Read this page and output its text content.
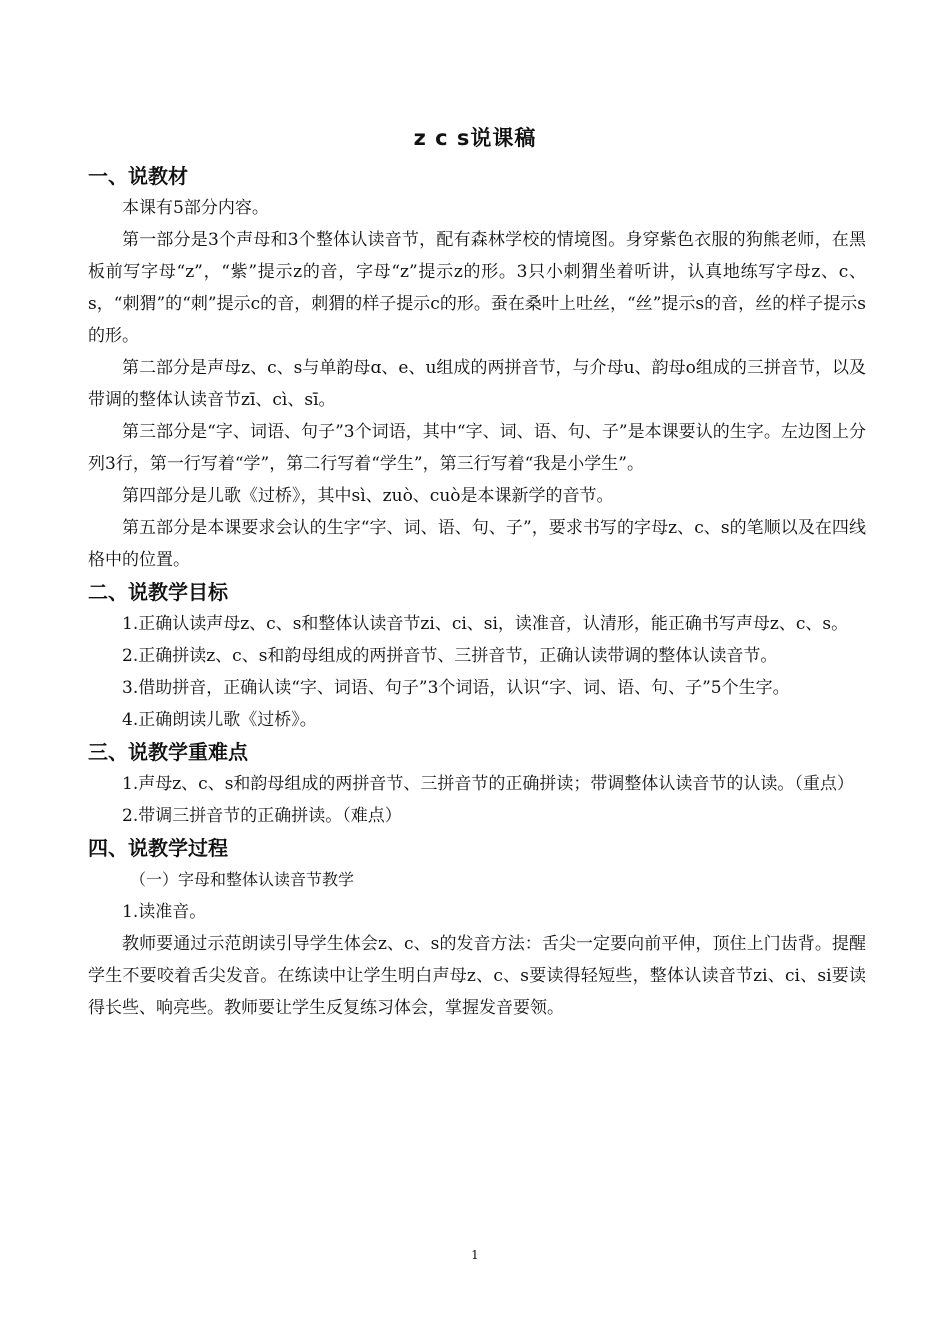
z c s说课稿
一、说教材

本课有5部分内容。

第一部分是3个声母和3个整体认读音节，配有森林学校的情境图。身穿紫色衣服的狗熊老师，在黑板前写字母“z”，“紫”提示z的音，字母“z”提示z的形。3只小刺猬坐着听讲，认真地练写字母z、c、s，“刺猬”的“刺”提示c的音，刺猬的样子提示c的形。蚕在桑叶上吐丝，“丝”提示s的音，丝的样子提示s的形。

第二部分是声母z、c、s与单韵母ɑ、e、u组成的两拼音节，与介母u、韵母o组成的三拼音节，以及带调的整体认读音节zī、cì、sī。

第三部分是“字、词语、句子”3个词语，其中“字、词、语、句、子”是本课要认的生字。左边图上分列3行，第一行写着“学”，第二行写着“学生”，第三行写着“我是小学生”。

第四部分是儿歌《过桥》，其中sì、zuò、cuò是本课新学的音节。

第五部分是本课要求会认的生字“字、词、语、句、子”，要求书写的字母z、c、s的笔顺以及在四线格中的位置。

二、说教学目标

1.正确认读声母z、c、s和整体认读音节zi、ci、si，读准音，认清形，能正确书写声母z、c、s。

2.正确拼读z、c、s和韵母组成的两拼音节、三拼音节，正确认读带调的整体认读音节。

3.借助拼音，正确认读“字、词语、句子”3个词语，认识“字、词、语、句、子”5个生字。

4.正确朗读儿歌《过桥》。

三、说教学重难点

1.声母z、c、s和韵母组成的两拼音节、三拼音节的正确拼读；带调整体认读音节的认读。（重点）

2.带调三拼音节的正确拼读。（难点）

四、说教学过程

（一）字母和整体认读音节教学

1.读准音。

教师要通过示范朗读引导学生体会z、c、s的发音方法：舌尖一定要向前平伸，顶住上门齿背。提醒学生不要咬着舌尖发音。在练读中让学生明白声母z、c、s要读得轻短些，整体认读音节zi、ci、si要读得长些、响亮些。教师要让学生反复练习体会，掌握发音要领。

1
